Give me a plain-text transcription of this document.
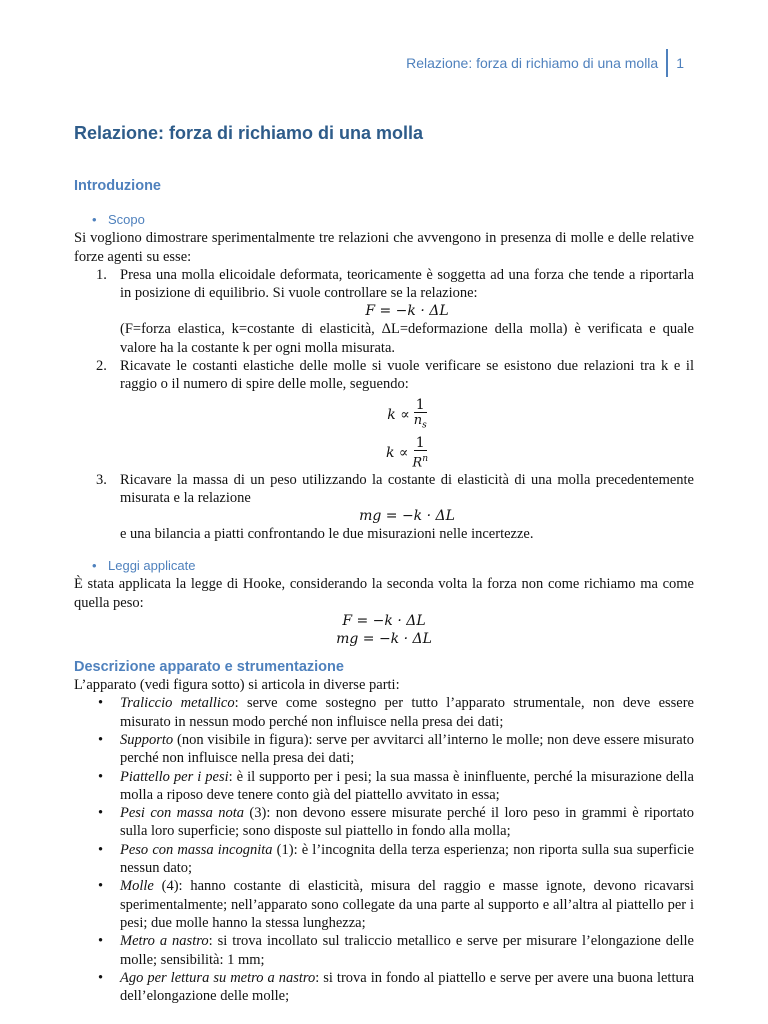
Relazione: forza di richiamo di una molla 1
Relazione: forza di richiamo di una molla
Introduzione
• Scopo

Si vogliono dimostrare sperimentalmente tre relazioni che avvengono in presenza di molle e delle relative forze agenti su esse:

1. Presa una molla elicoidale deformata, teoricamente è soggetta ad una forza che tende a riportarla in posizione di equilibrio. Si vuole controllare se la relazione:
F = −k · ΔL
(F=forza elastica, k=costante di elasticità, ΔL=deformazione della molla) è verificata e quale valore ha la costante k per ogni molla misurata.
2. Ricavate le costanti elastiche delle molle si vuole verificare se esistono due relazioni tra k e il raggio o il numero di spire delle molle, seguendo:
$k \propto \frac{1}{n_s}$
$k \propto \frac{1}{R^n}$
3. Ricavare la massa di un peso utilizzando la costante di elasticità di una molla precedentemente misurata e la relazione
mg = −k · ΔL
e una bilancia a piatti confrontando le due misurazioni nelle incertezze.
• Leggi applicate

È stata applicata la legge di Hooke, considerando la seconda volta la forza non come richiamo ma come quella peso:

F = −k · ΔL
mg = −k · ΔL
Descrizione apparato e strumentazione

L’apparato (vedi figura sotto) si articola in diverse parti:

• Traliccio metallico: serve come sostegno per tutto l’apparato strumentale, non deve essere misurato in nessun modo perché non influisce nella presa dei dati;
• Supporto (non visibile in figura): serve per avvitarci all’interno le molle; non deve essere misurato perché non influisce nella presa dei dati;
• Piattello per i pesi: è il supporto per i pesi; la sua massa è ininfluente, perché la misurazione della molla a riposo deve tenere conto già del piattello avvitato in essa;
• Pesi con massa nota (3): non devono essere misurate perché il loro peso in grammi è riportato sulla loro superficie; sono disposte sul piattello in fondo alla molla;
• Peso con massa incognita (1): è l’incognita della terza esperienza; non riporta sulla sua superficie nessun dato;
• Molle (4): hanno costante di elasticità, misura del raggio e masse ignote, devono ricavarsi sperimentalmente; nell’apparato sono collegate da una parte al supporto e all’altra al piattello per i pesi; due molle hanno la stessa lunghezza;
• Metro a nastro: si trova incollato sul traliccio metallico e serve per misurare l’elongazione delle molle; sensibilità: 1 mm;
• Ago per lettura su metro a nastro: si trova in fondo al piattello e serve per avere una buona lettura dell’elongazione delle molle;
